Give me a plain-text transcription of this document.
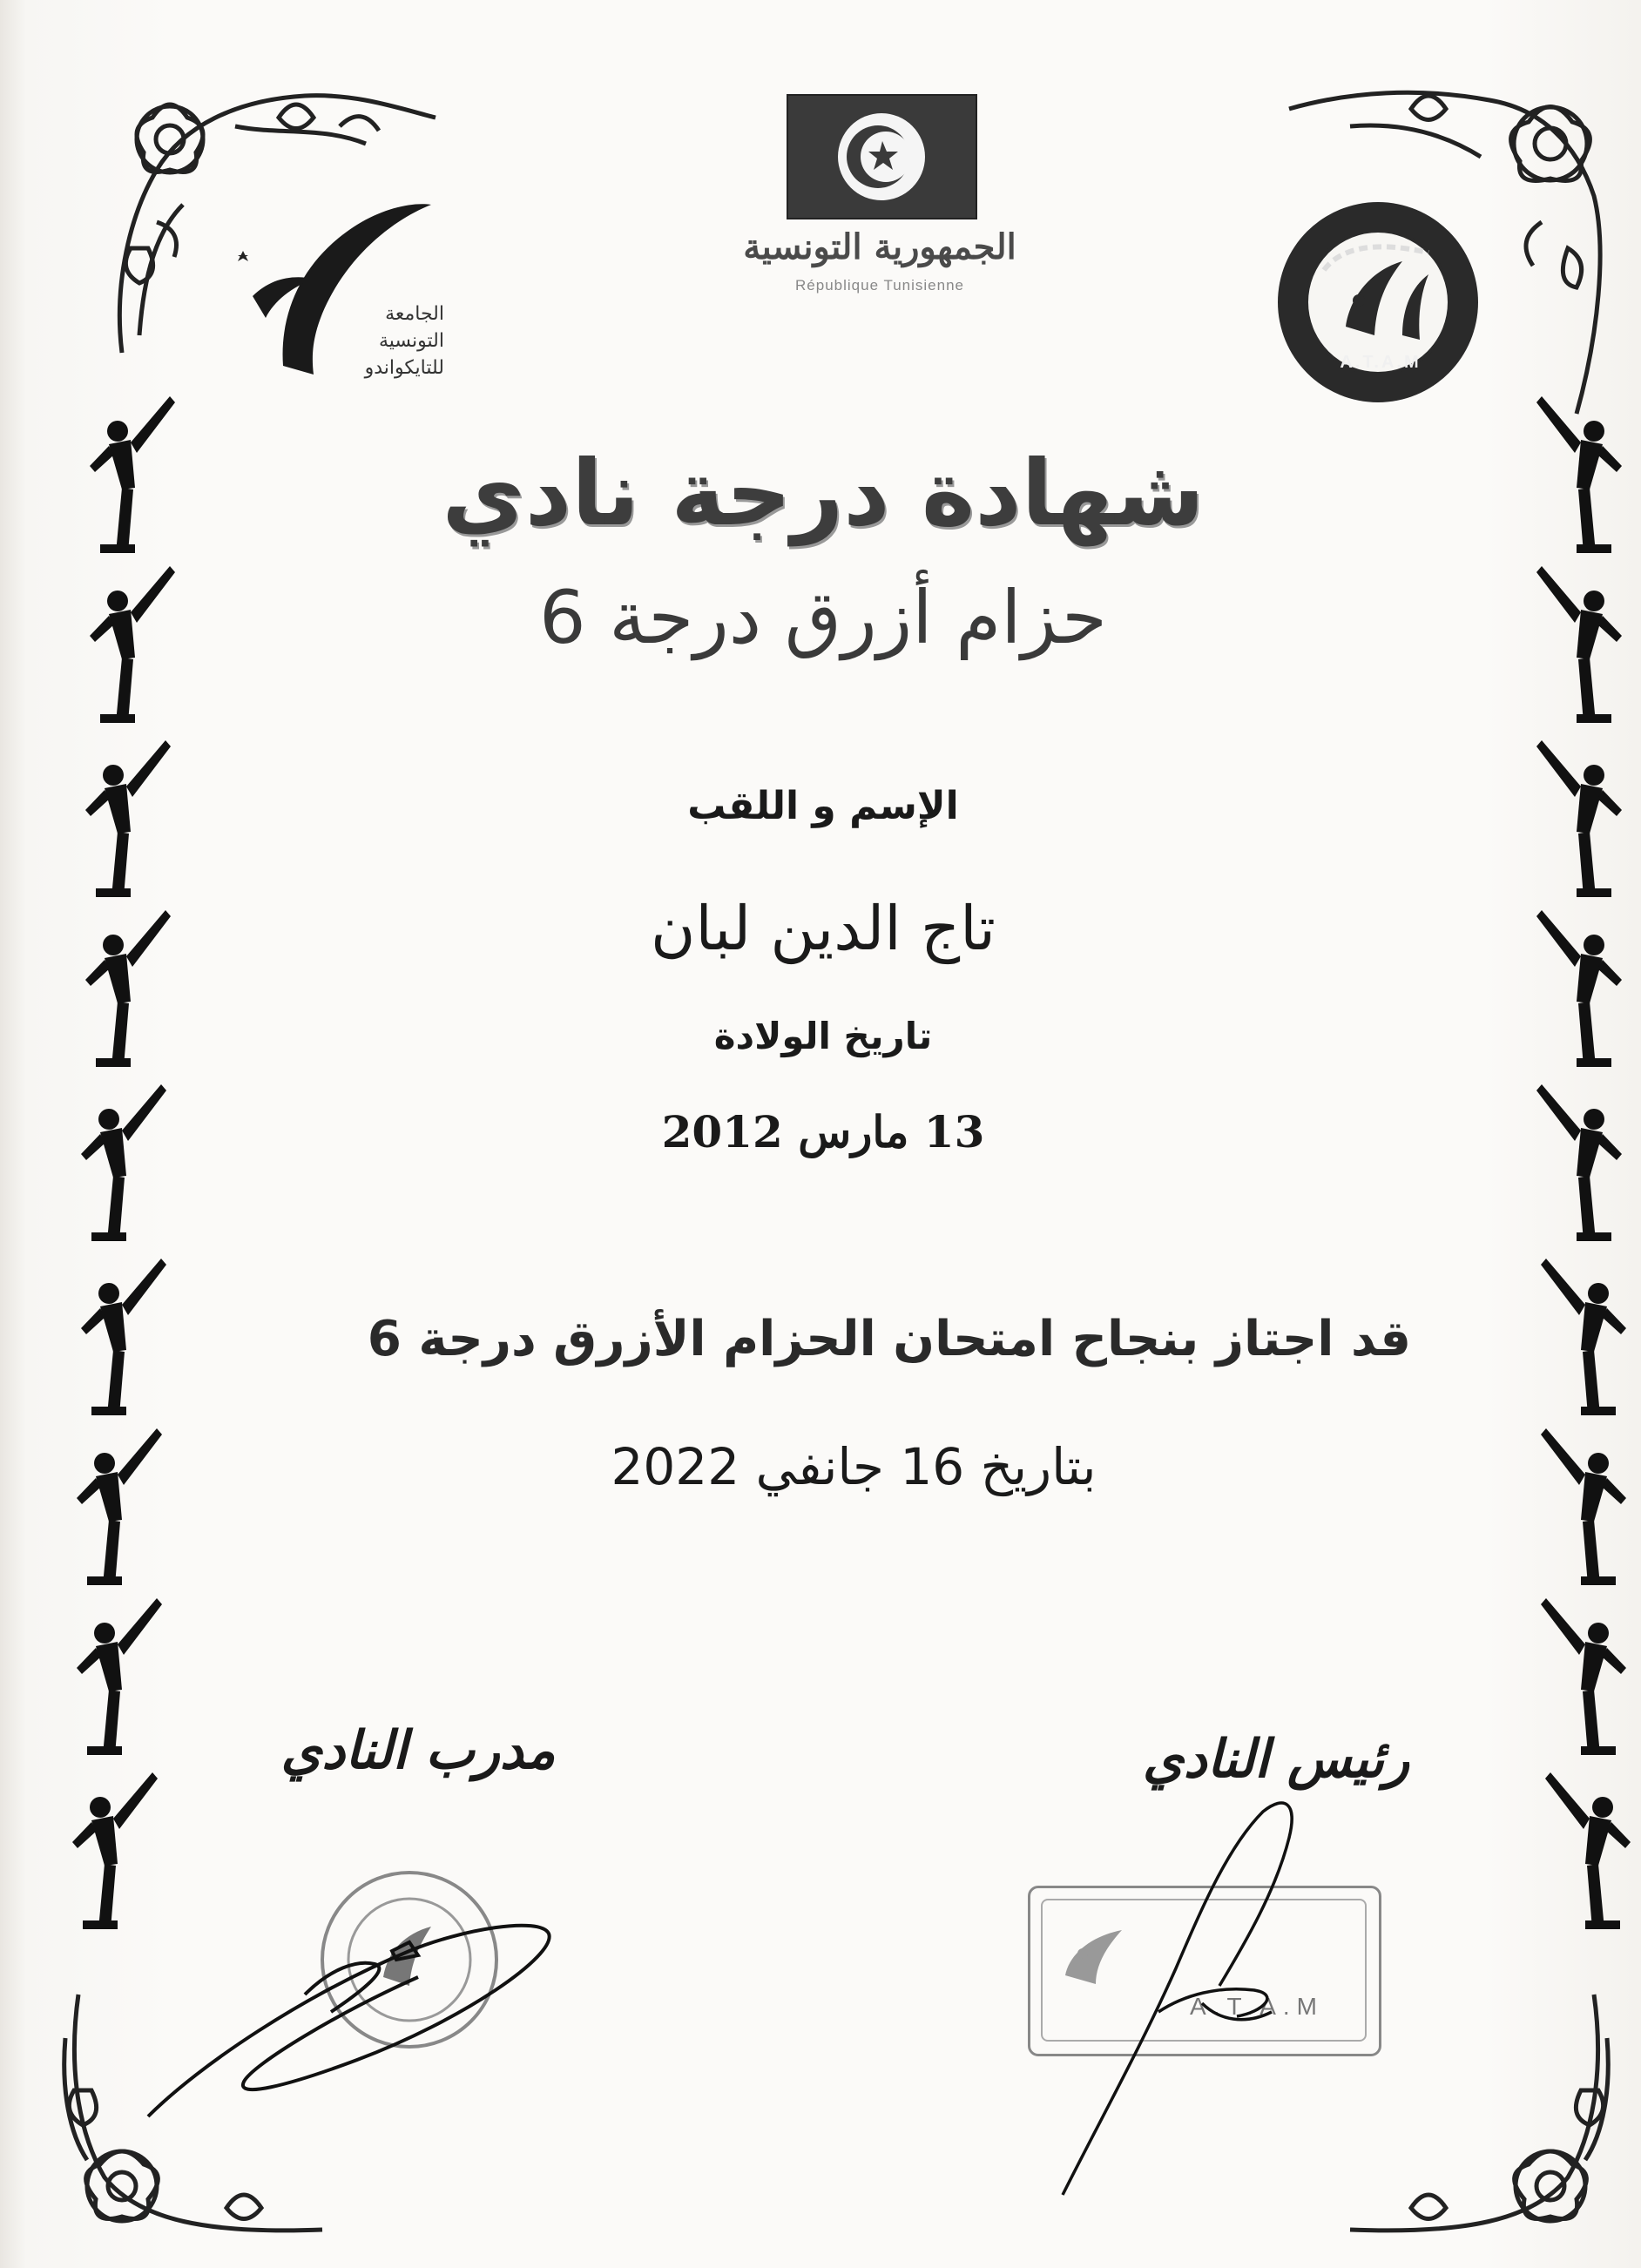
الجامعة
التونسية
للتايكواندو
الجمهورية التونسية
République Tunisienne
A.T.A.M
شهادة درجة نادي
حزام أزرق درجة 6
الإسم و اللقب
تاج الدين لبان
تاريخ الولادة
13 مارس 2012
قد اجتاز بنجاح امتحان الحزام الأزرق درجة 6
بتاريخ 16 جانفي 2022
مدرب النادي	رئيس النادي
A.T.A.M
